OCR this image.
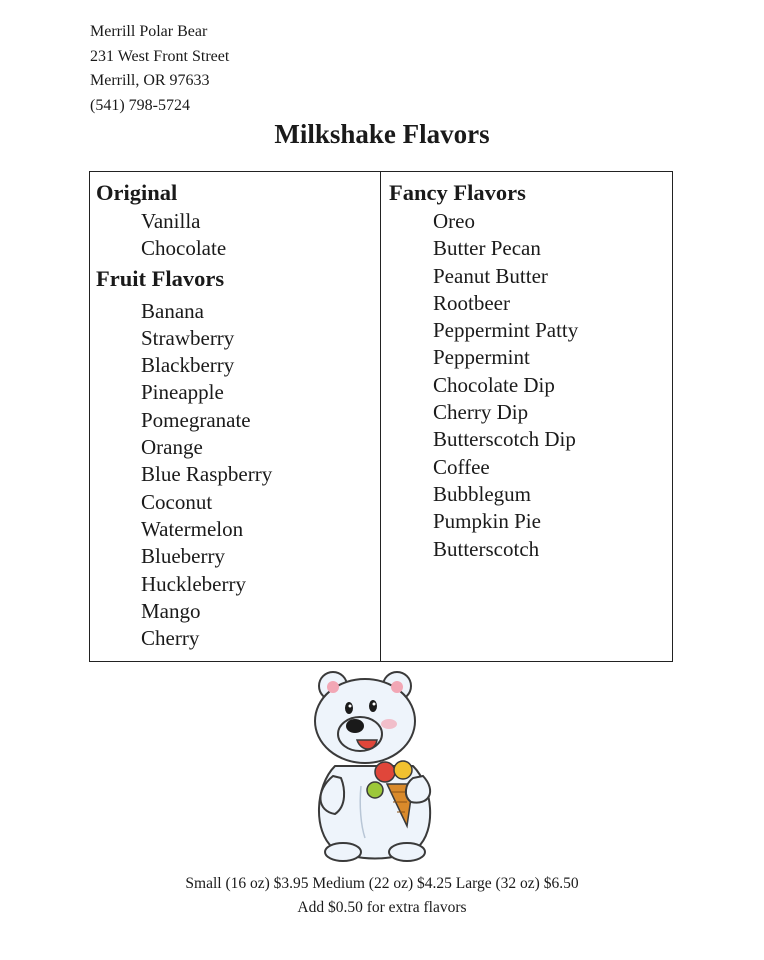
Merrill Polar Bear
231 West Front Street
Merrill, OR 97633
(541) 798-5724
Milkshake Flavors
Original
Vanilla
Chocolate
Fruit Flavors
Banana
Strawberry
Blackberry
Pineapple
Pomegranate
Orange
Blue Raspberry
Coconut
Watermelon
Blueberry
Huckleberry
Mango
Cherry
Fancy Flavors
Oreo
Butter Pecan
Peanut Butter
Rootbeer
Peppermint Patty
Peppermint
Chocolate Dip
Cherry Dip
Butterscotch Dip
Coffee
Bubblegum
Pumpkin Pie
Butterscotch
Small (16 oz) $3.95 Medium (22 oz) $4.25 Large (32 oz) $6.50
Add $0.50 for extra flavors
